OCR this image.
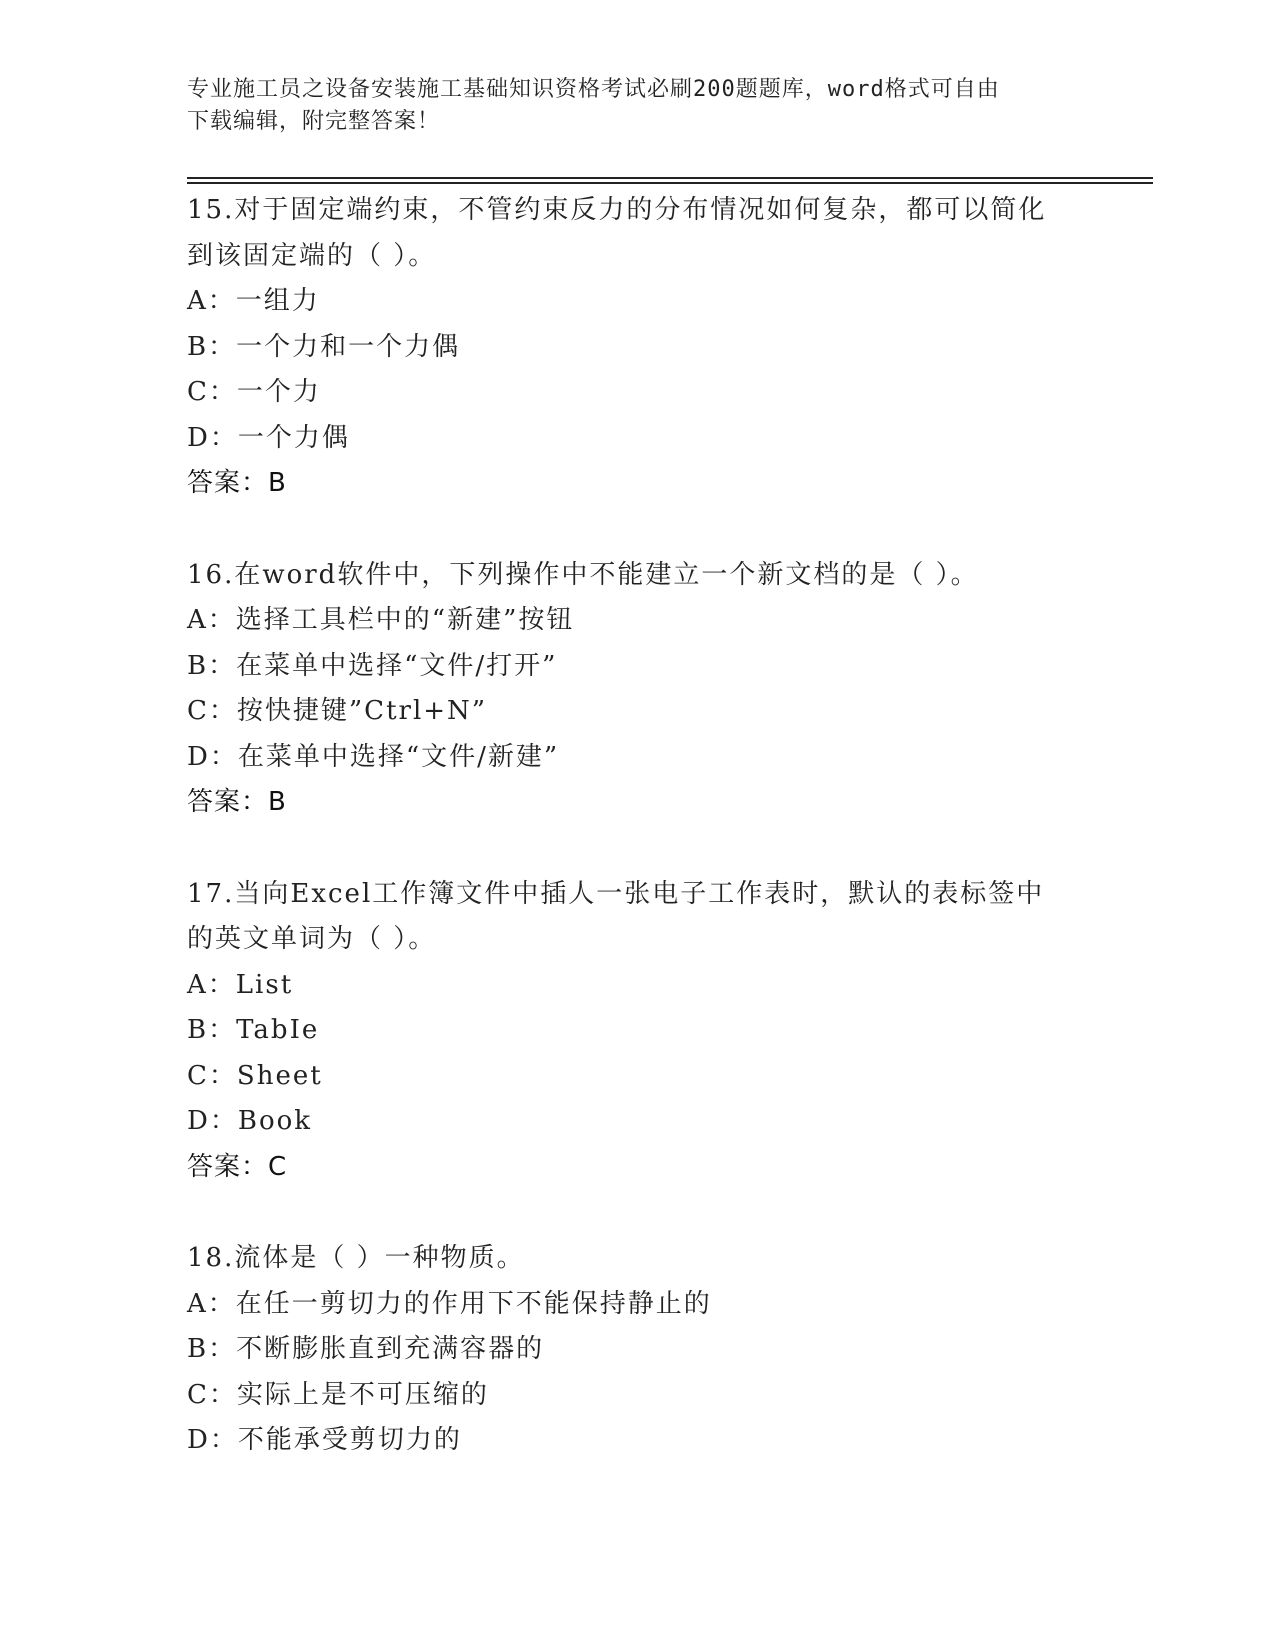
专业施工员之设备安装施工基础知识资格考试必刷200题题库，word格式可自由
下载编辑，附完整答案！
15.对于固定端约束，不管约束反力的分布情况如何复杂，都可以简化
到该固定端的（ ）。
A：一组力
B：一个力和一个力偶
C：一个力
D：一个力偶
答案：B
16.在word软件中，下列操作中不能建立一个新文档的是（ ）。
A：选择工具栏中的“新建”按钮
B：在菜单中选择“文件/打开”
C：按快捷键”Ctrl+N”
D：在菜单中选择“文件/新建”
答案：B
17.当向Excel工作簿文件中插人一张电子工作表时，默认的表标签中
的英文单词为（ ）。
A：List
B：TabIe
C：Sheet
D：Book
答案：C
18.流体是（ ）一种物质。
A：在任一剪切力的作用下不能保持静止的
B：不断膨胀直到充满容器的
C：实际上是不可压缩的
D：不能承受剪切力的
